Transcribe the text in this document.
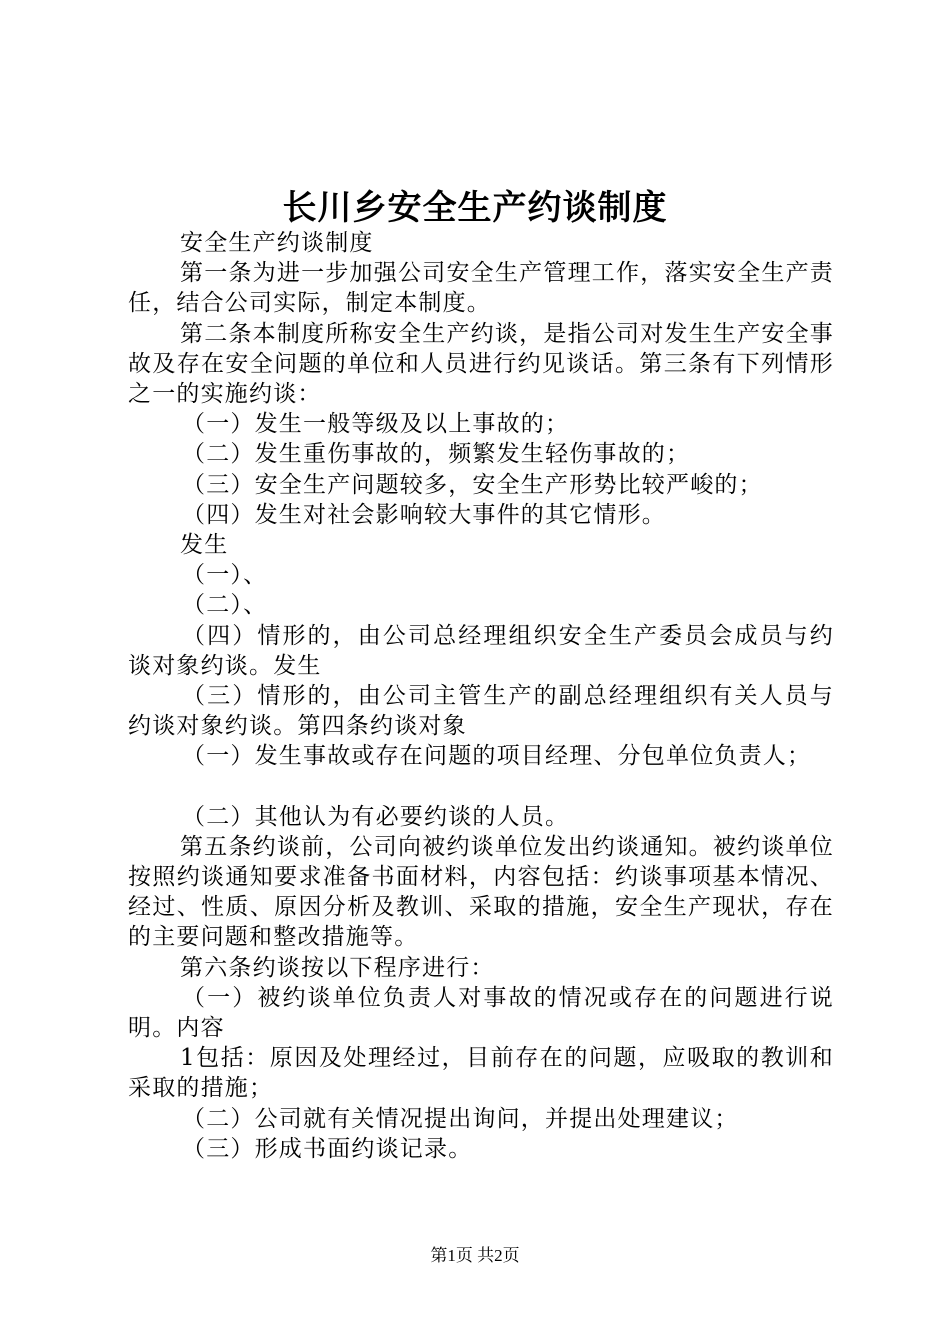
长川乡安全生产约谈制度

安全生产约谈制度

第一条为进一步加强公司安全生产管理工作，落实安全生产责任，结合公司实际，制定本制度。

第二条本制度所称安全生产约谈，是指公司对发生生产安全事故及存在安全问题的单位和人员进行约见谈话。第三条有下列情形之一的实施约谈：

（一）发生一般等级及以上事故的；

（二）发生重伤事故的，频繁发生轻伤事故的；

（三）安全生产问题较多，安全生产形势比较严峻的；

（四）发生对社会影响较大事件的其它情形。

发生

（一）、

（二）、

（四）情形的，由公司总经理组织安全生产委员会成员与约谈对象约谈。发生

（三）情形的，由公司主管生产的副总经理组织有关人员与约谈对象约谈。第四条约谈对象

（一）发生事故或存在问题的项目经理、分包单位负责人；

（二）其他认为有必要约谈的人员。

第五条约谈前，公司向被约谈单位发出约谈通知。被约谈单位按照约谈通知要求准备书面材料，内容包括：约谈事项基本情况、经过、性质、原因分析及教训、采取的措施，安全生产现状，存在的主要问题和整改措施等。

第六条约谈按以下程序进行：

（一）被约谈单位负责人对事故的情况或存在的问题进行说明。内容

1包括：原因及处理经过，目前存在的问题，应吸取的教训和采取的措施；

（二）公司就有关情况提出询问，并提出处理建议；

（三）形成书面约谈记录。

第1页 共2页
